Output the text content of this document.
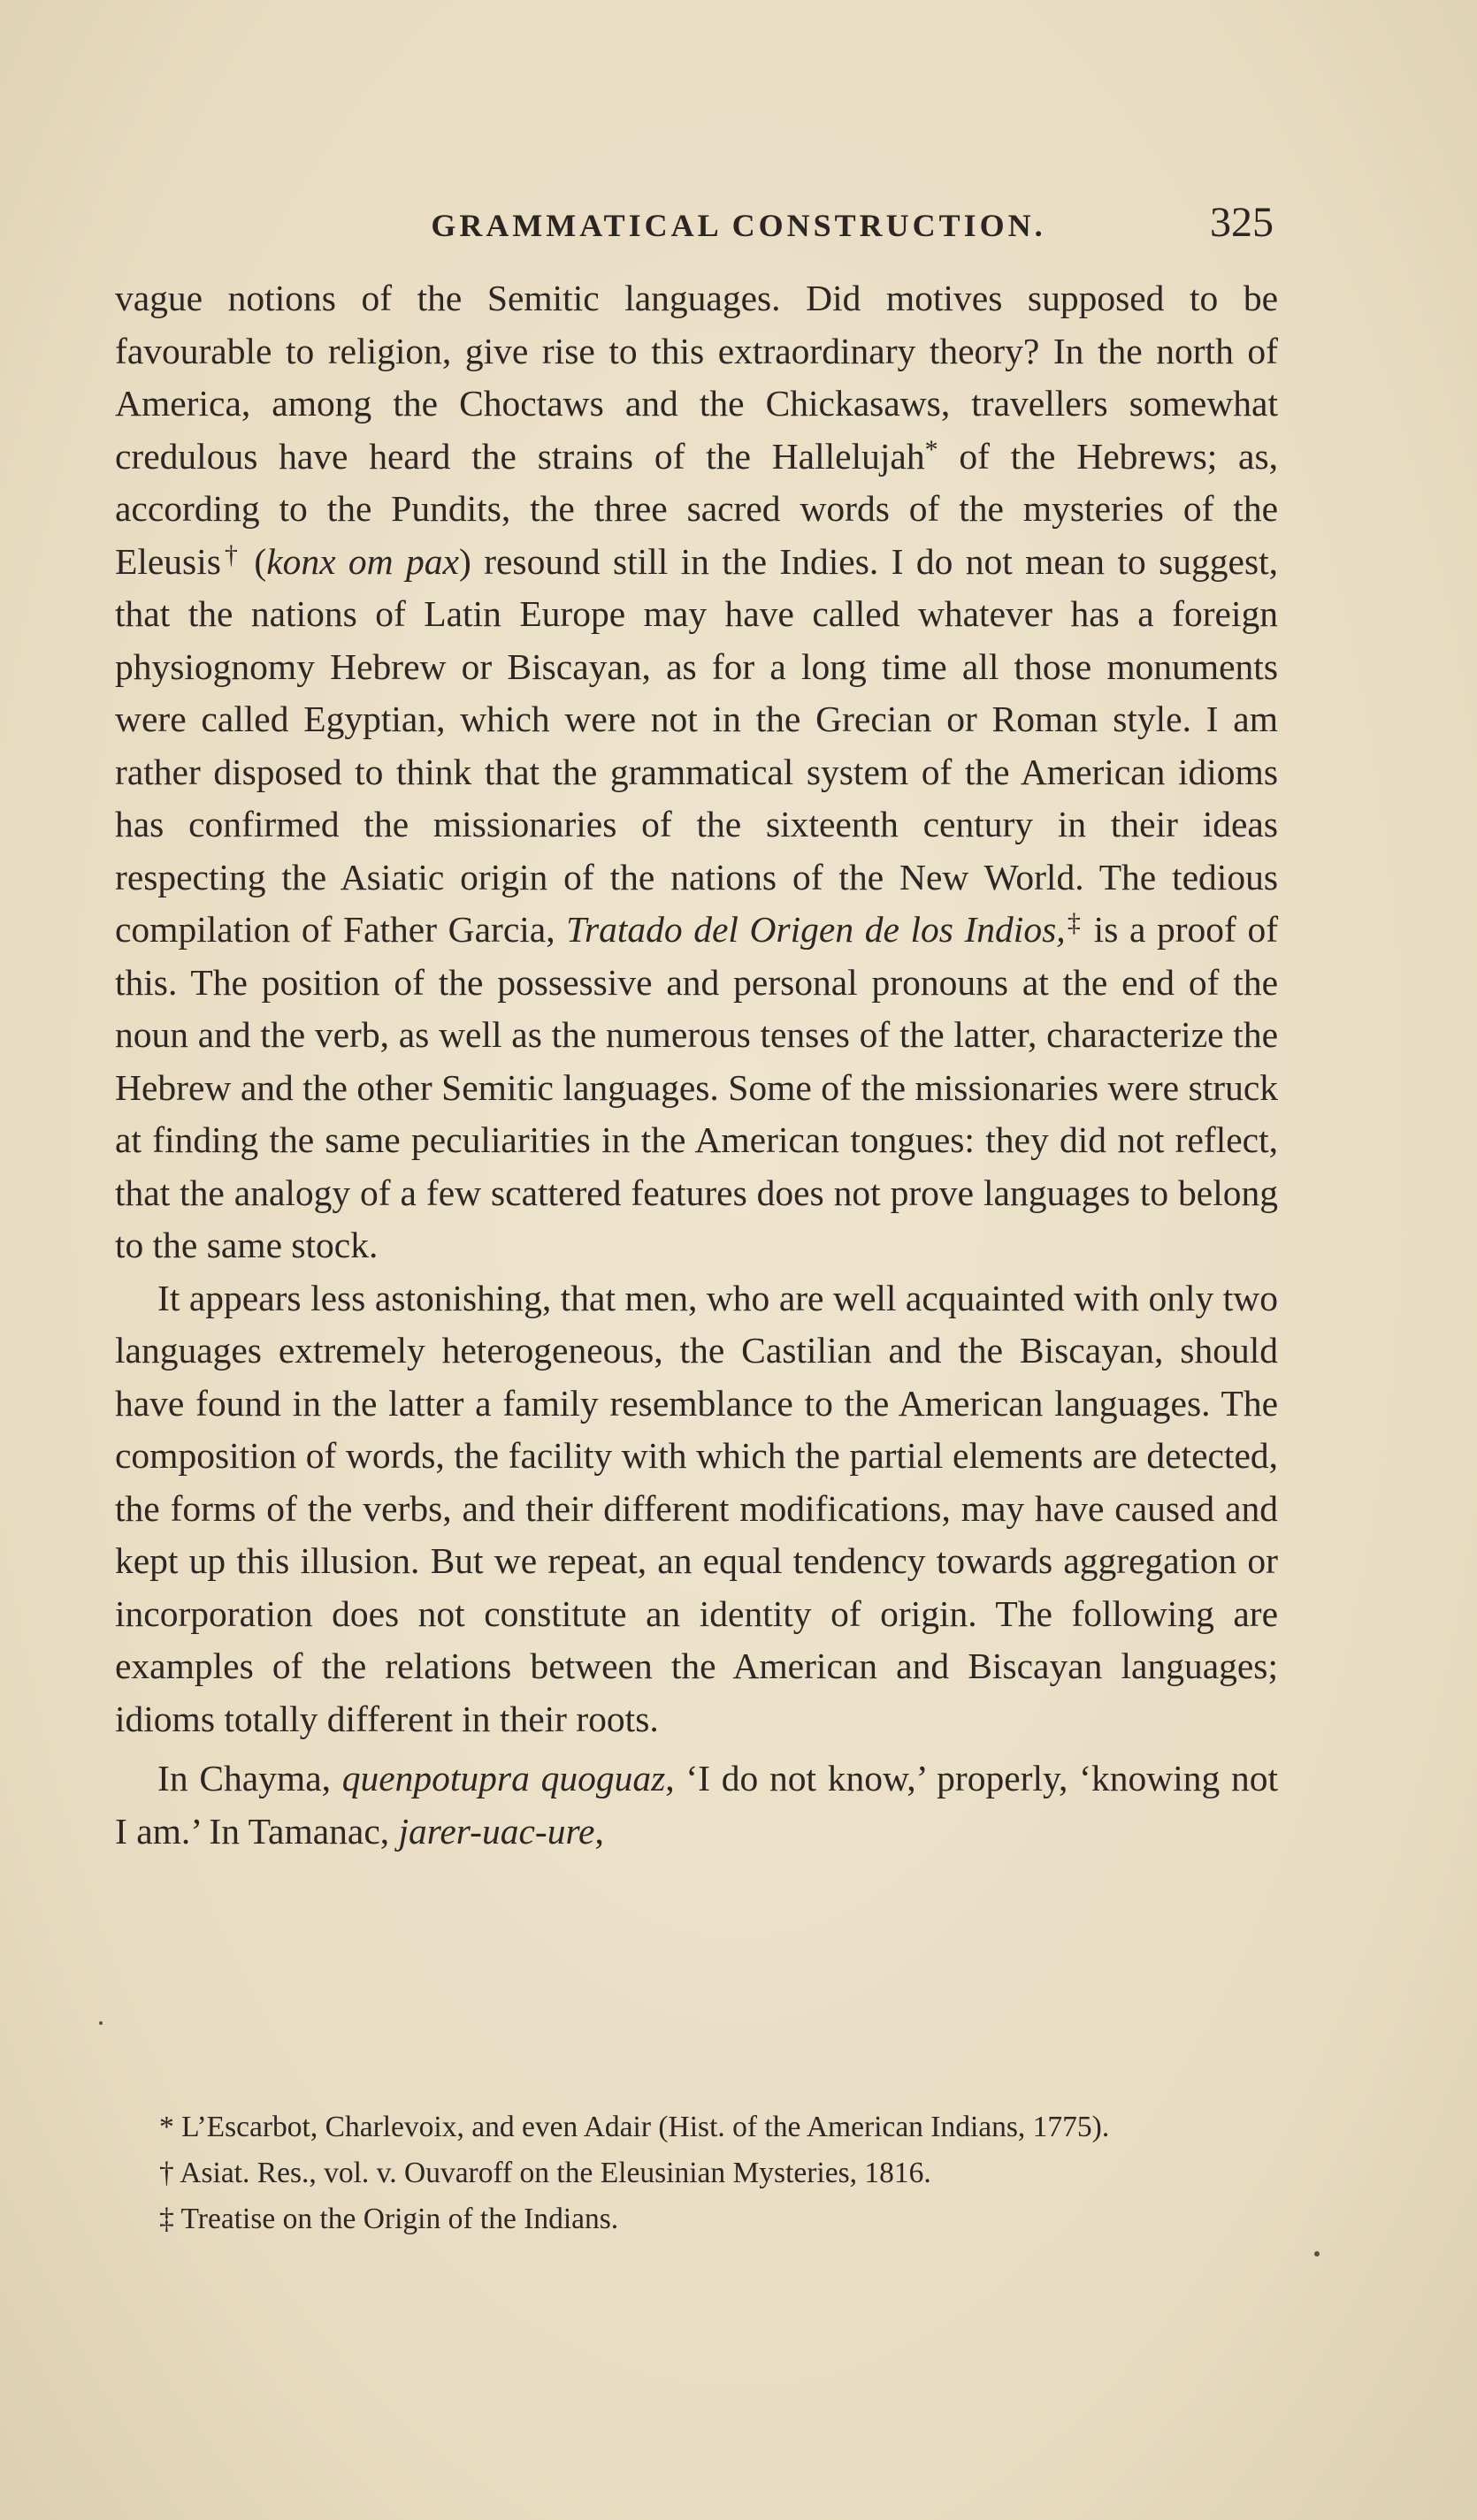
GRAMMATICAL CONSTRUCTION.	325

vague notions of the Semitic languages. Did motives supposed to be favourable to religion, give rise to this extraordinary theory? In the north of America, among the Choctaws and the Chickasaws, travellers somewhat credulous have heard the strains of the Hallelujah* of the Hebrews; as, according to the Pundits, the three sacred words of the mysteries of the Eleusis† (konx om pax) resound still in the Indies. I do not mean to suggest, that the nations of Latin Europe may have called whatever has a foreign physiognomy Hebrew or Biscayan, as for a long time all those monuments were called Egyptian, which were not in the Grecian or Roman style. I am rather disposed to think that the grammatical system of the American idioms has confirmed the missionaries of the sixteenth century in their ideas respecting the Asiatic origin of the nations of the New World. The tedious compilation of Father Garcia, Tratado del Origen de los Indios,‡ is a proof of this. The position of the possessive and personal pronouns at the end of the noun and the verb, as well as the numerous tenses of the latter, characterize the Hebrew and the other Semitic languages. Some of the missionaries were struck at finding the same peculiarities in the American tongues: they did not reflect, that the analogy of a few scattered features does not prove languages to belong to the same stock.

It appears less astonishing, that men, who are well acquainted with only two languages extremely heterogeneous, the Castilian and the Biscayan, should have found in the latter a family resemblance to the American languages. The composition of words, the facility with which the partial elements are detected, the forms of the verbs, and their different modifications, may have caused and kept up this illusion. But we repeat, an equal tendency towards aggregation or incorporation does not constitute an identity of origin. The following are examples of the relations between the American and Biscayan languages; idioms totally different in their roots.

In Chayma, quenpotupra quoguaz, ‘I do not know,’ properly, ‘knowing not I am.’ In Tamanac, jarer-uac-ure,

* L’Escarbot, Charlevoix, and even Adair (Hist. of the American Indians, 1775).

† Asiat. Res., vol. v. Ouvaroff on the Eleusinian Mysteries, 1816.

‡ Treatise on the Origin of the Indians.
